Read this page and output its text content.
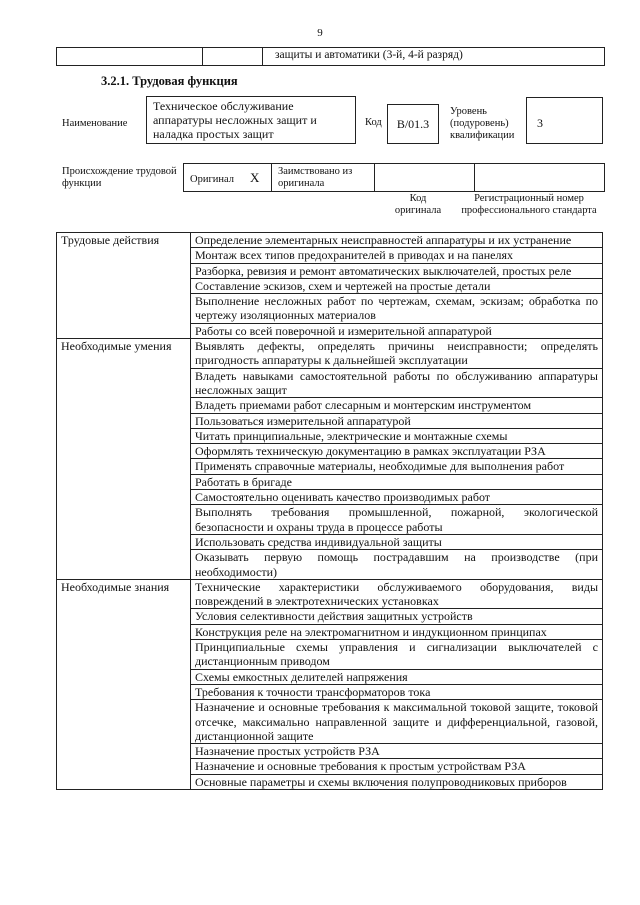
9
защиты и автоматики (3-й, 4-й разряд)
3.2.1. Трудовая функция
Наименование
Техническое обслуживание аппаратуры несложных защит и наладка простых защит
Код	В/01.3
Уровень (подуровень) квалификации
3
Происхождение трудовой функции	Оригинал X Заимствовано из оригинала
Код оригинала
Регистрационный номер профессионального стандарта
Трудовые действия	Определение элементарных неисправностей аппаратуры и их устранение
	Монтаж всех типов предохранителей в приводах и на панелях
	Разборка, ревизия и ремонт автоматических выключателей, простых реле
	Составление эскизов, схем и чертежей на простые детали
	Выполнение несложных работ по чертежам, схемам, эскизам; обработка по чертежу изоляционных материалов
	Работы со всей поверочной и измерительной аппаратурой
Необходимые умения	Выявлять дефекты, определять причины неисправности; определять пригодность аппаратуры к дальнейшей эксплуатации
	Владеть навыками самостоятельной работы по обслуживанию аппаратуры несложных защит
	Владеть приемами работ слесарным и монтерским инструментом
	Пользоваться измерительной аппаратурой
	Читать принципиальные, электрические и монтажные схемы
	Оформлять техническую документацию в рамках эксплуатации РЗА
	Применять справочные материалы, необходимые для выполнения работ
	Работать в бригаде
	Самостоятельно оценивать качество производимых работ
	Выполнять требования промышленной, пожарной, экологической безопасности и охраны труда в процессе работы
	Использовать средства индивидуальной защиты
	Оказывать первую помощь пострадавшим на производстве (при необходимости)
Необходимые знания	Технические характеристики обслуживаемого оборудования, виды повреждений в электротехнических установках
	Условия селективности действия защитных устройств
	Конструкция реле на электромагнитном и индукционном принципах
	Принципиальные схемы управления и сигнализации выключателей с дистанционным приводом
	Схемы емкостных делителей напряжения
	Требования к точности трансформаторов тока
	Назначение и основные требования к максимальной токовой защите, токовой отсечке, максимально направленной защите и дифференциальной, газовой, дистанционной защите
	Назначение простых устройств РЗА
	Назначение и основные требования к простым устройствам РЗА
	Основные параметры и схемы включения полупроводниковых приборов
